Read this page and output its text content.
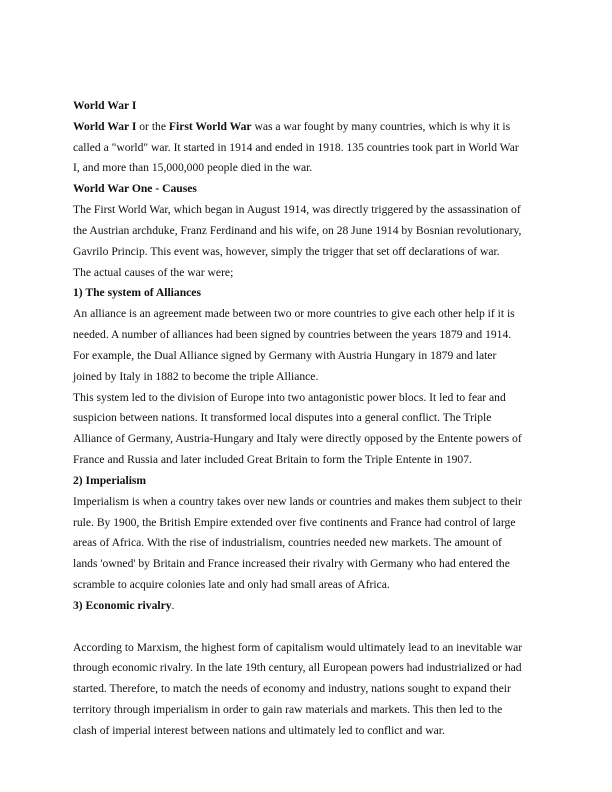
World War I
World War I or the First World War was a war fought by many countries, which is why it is
called a "world" war. It started in 1914 and ended in 1918. 135 countries took part in World War
I, and more than 15,000,000 people died in the war.
World War One - Causes
The First World War, which began in August 1914, was directly triggered by the assassination of
the Austrian archduke, Franz Ferdinand and his wife, on 28 June 1914 by Bosnian revolutionary,
Gavrilo Princip. This event was, however, simply the trigger that set off declarations of war.
The actual causes of the war were;
1) The system of Alliances
An alliance is an agreement made between two or more countries to give each other help if it is
needed. A number of alliances had been signed by countries between the years 1879 and 1914.
For example, the Dual Alliance signed by Germany with Austria Hungary in 1879 and later
joined by Italy in 1882 to become the triple Alliance.
This system led to the division of Europe into two antagonistic power blocs. It led to fear and
suspicion between nations. It transformed local disputes into a general conflict. The Triple
Alliance of Germany, Austria-Hungary and Italy were directly opposed by the Entente powers of
France and Russia and later included Great Britain to form the Triple Entente in 1907.
2) Imperialism
Imperialism is when a country takes over new lands or countries and makes them subject to their
rule. By 1900, the British Empire extended over five continents and France had control of large
areas of Africa. With the rise of industrialism, countries needed new markets. The amount of
lands 'owned' by Britain and France increased their rivalry with Germany who had entered the
scramble to acquire colonies late and only had small areas of Africa.
3) Economic rivalry.
According to Marxism, the highest form of capitalism would ultimately lead to an inevitable war
through economic rivalry. In the late 19th century, all European powers had industrialized or had
started. Therefore, to match the needs of economy and industry, nations sought to expand their
territory through imperialism in order to gain raw materials and markets. This then led to the
clash of imperial interest between nations and ultimately led to conflict and war.
